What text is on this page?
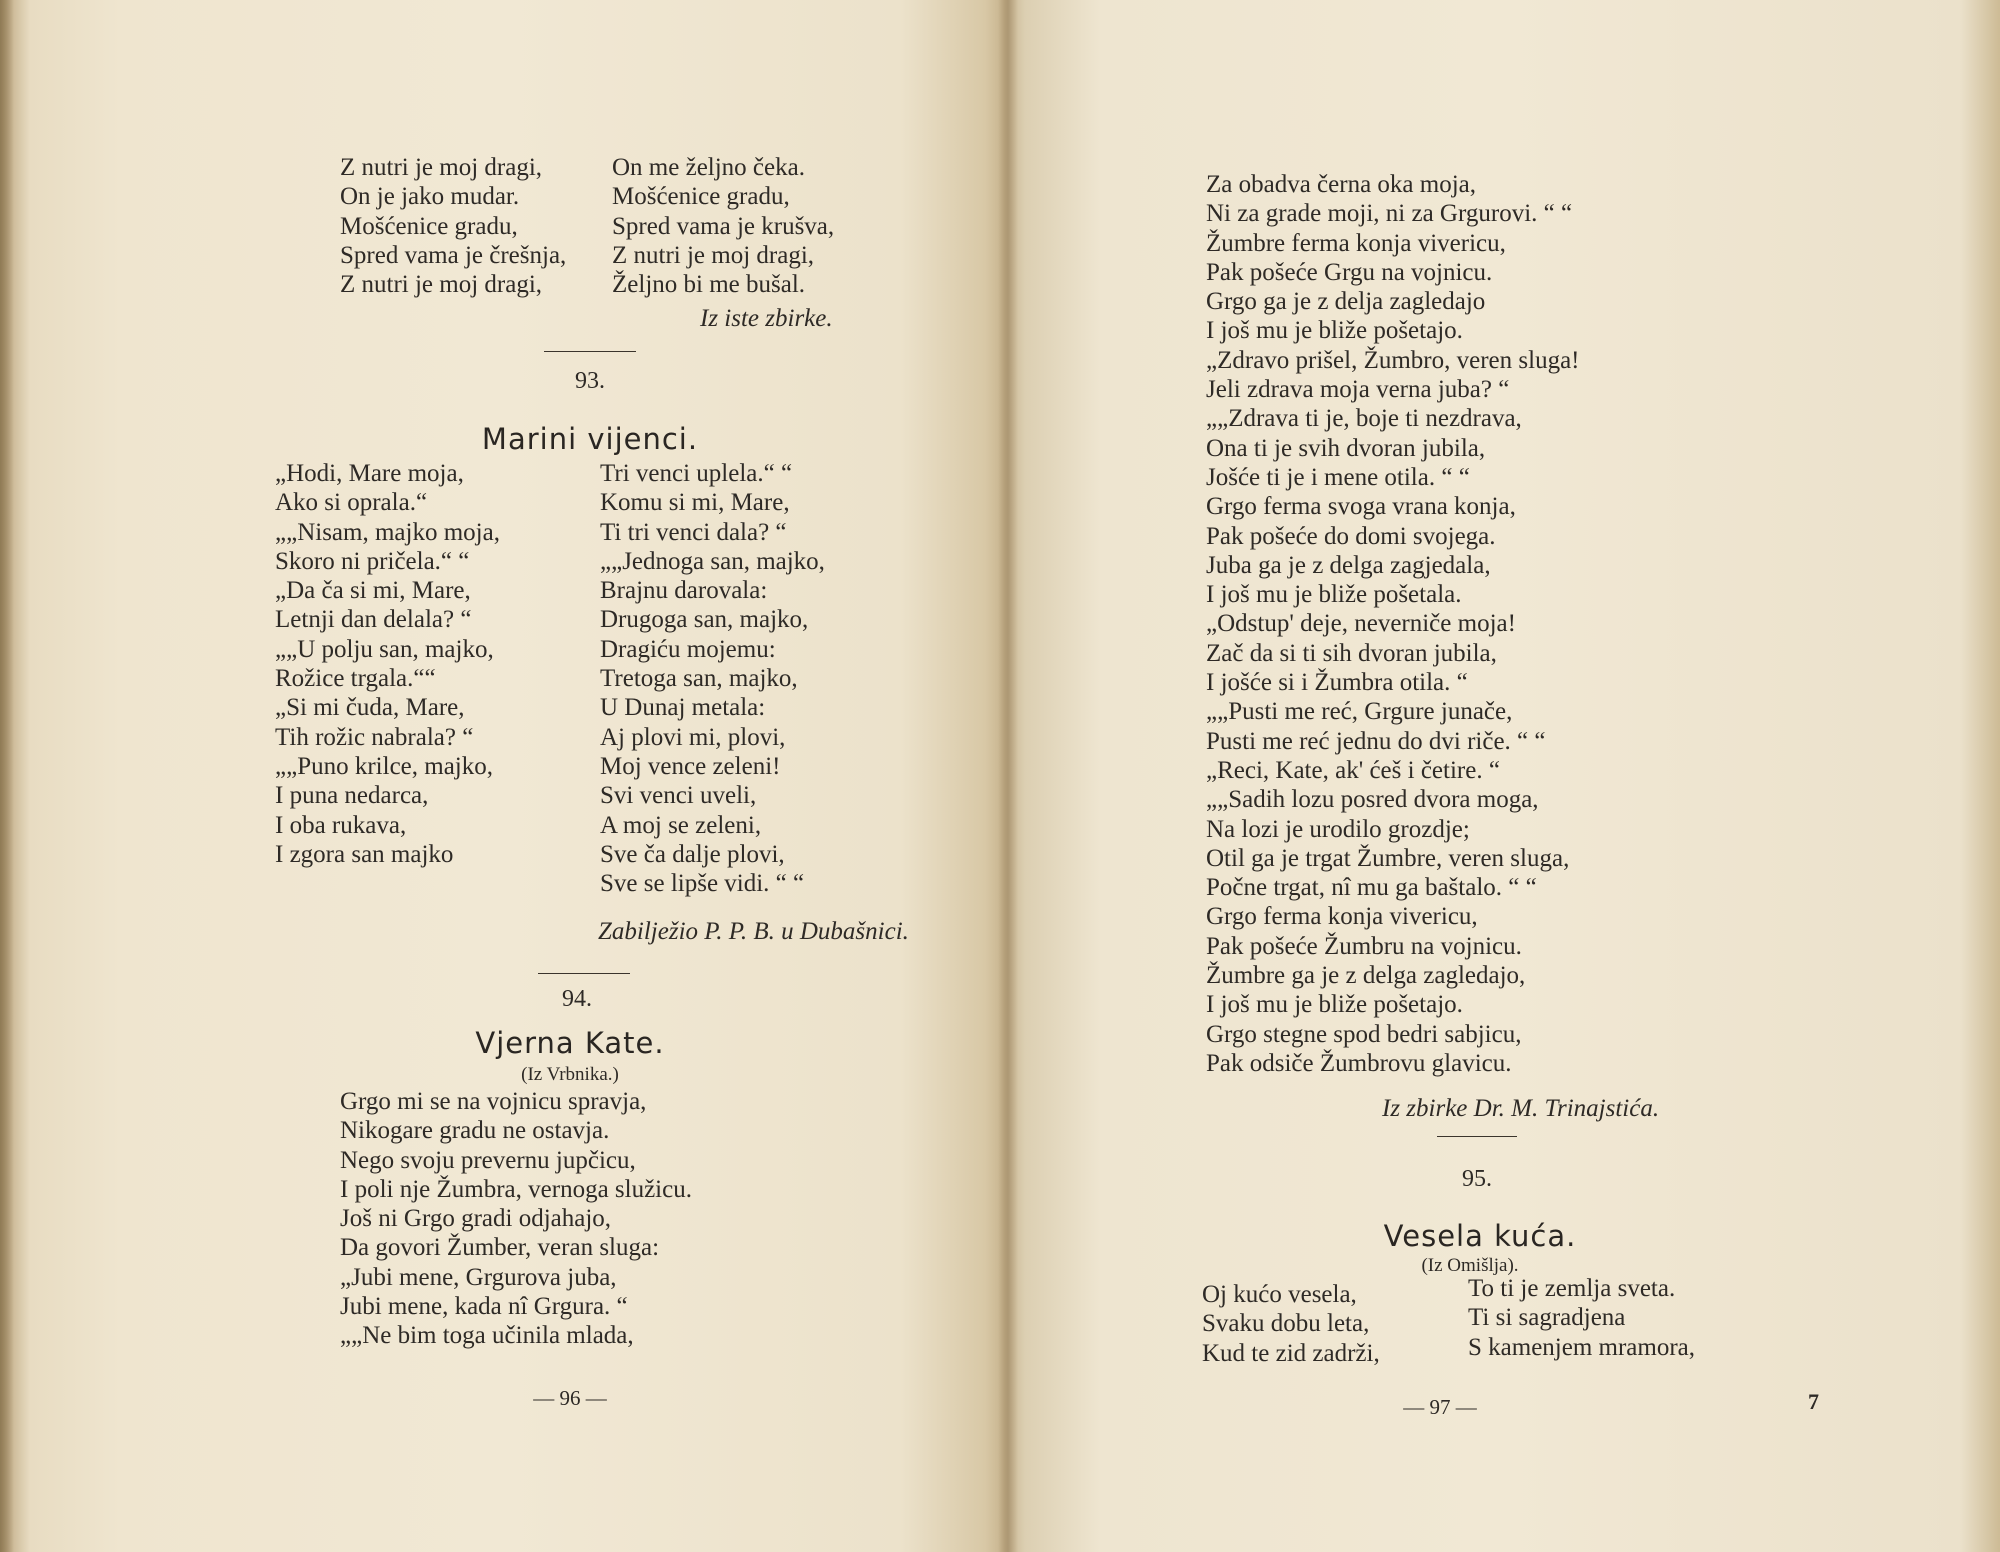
Z nutri je moj dragi,
On je jako mudar.
Mošćenice gradu,
Spred vama je črešnja,
Z nutri je moj dragi,
On me željno čeka.
Mošćenice gradu,
Spred vama je krušva,
Z nutri je moj dragi,
Željno bi me bušal.
Iz iste zbirke.
93.
Marini vijenci.
„Hodi, Mare moja,
Ako si oprala.“
„„Nisam, majko moja,
Skoro ni pričela.“ “
„Da ča si mi, Mare,
Letnji dan delala? “
„„U polju san, majko,
Rožice trgala.““
„Si mi čuda, Mare,
Tih rožic nabrala? “
„„Puno krilce, majko,
I puna nedarca,
I oba rukava,
I zgora san majko
Tri venci uplela.“ “
Komu si mi, Mare,
Ti tri venci dala? “
„„Jednoga san, majko,
Brajnu darovala:
Drugoga san, majko,
Dragiću mojemu:
Tretoga san, majko,
U Dunaj metala:
Aj plovi mi, plovi,
Moj vence zeleni!
Svi venci uveli,
A moj se zeleni,
Sve ča dalje plovi,
Sve se lipše vidi. “ “
Zabilježio P. P. B. u Dubašnici.
94.
Vjerna Kate.
(Iz Vrbnika.)
Grgo mi se na vojnicu spravja,
Nikogare gradu ne ostavja.
Nego svoju prevernu jupčicu,
I poli nje Žumbra, vernoga služicu.
Još ni Grgo gradi odjahajo,
Da govori Žumber, veran sluga:
„Jubi mene, Grgurova juba,
Jubi mene, kada nî Grgura. “
„„Ne bim toga učinila mlada,
— 96 —
Za obadva černa oka moja,
Ni za grade moji, ni za Grgurovi. “ “
Žumbre ferma konja vivericu,
Pak pošeće Grgu na vojnicu.
Grgo ga je z delja zagledajo
I još mu je bliže pošetajo.
„Zdravo prišel, Žumbro, veren sluga!
Jeli zdrava moja verna juba? “
„„Zdrava ti je, boje ti nezdrava,
Ona ti je svih dvoran jubila,
Jošće ti je i mene otila. “ “
Grgo ferma svoga vrana konja,
Pak pošeće do domi svojega.
Juba ga je z delga zagjedala,
I još mu je bliže pošetala.
„Odstup' deje, neverniče moja!
Zač da si ti sih dvoran jubila,
I jošće si i Žumbra otila. “
„„Pusti me reć, Grgure junače,
Pusti me reć jednu do dvi riče. “ “
„Reci, Kate, ak' ćeš i četire. “
„„Sadih lozu posred dvora moga,
Na lozi je urodilo grozdje;
Otil ga je trgat Žumbre, veren sluga,
Počne trgat, nî mu ga baštalo. “ “
Grgo ferma konja vivericu,
Pak pošeće Žumbru na vojnicu.
Žumbre ga je z delga zagledajo,
I još mu je bliže pošetajo.
Grgo stegne spod bedri sabjicu,
Pak odsiče Žumbrovu glavicu.
Iz zbirke Dr. M. Trinajstića.
95.
Vesela kuća.
(Iz Omišlja).
Oj kućo vesela,
Svaku dobu leta,
Kud te zid zadrži,
To ti je zemlja sveta.
Ti si sagradjena
S kamenjem mramora,
— 97 —	7
